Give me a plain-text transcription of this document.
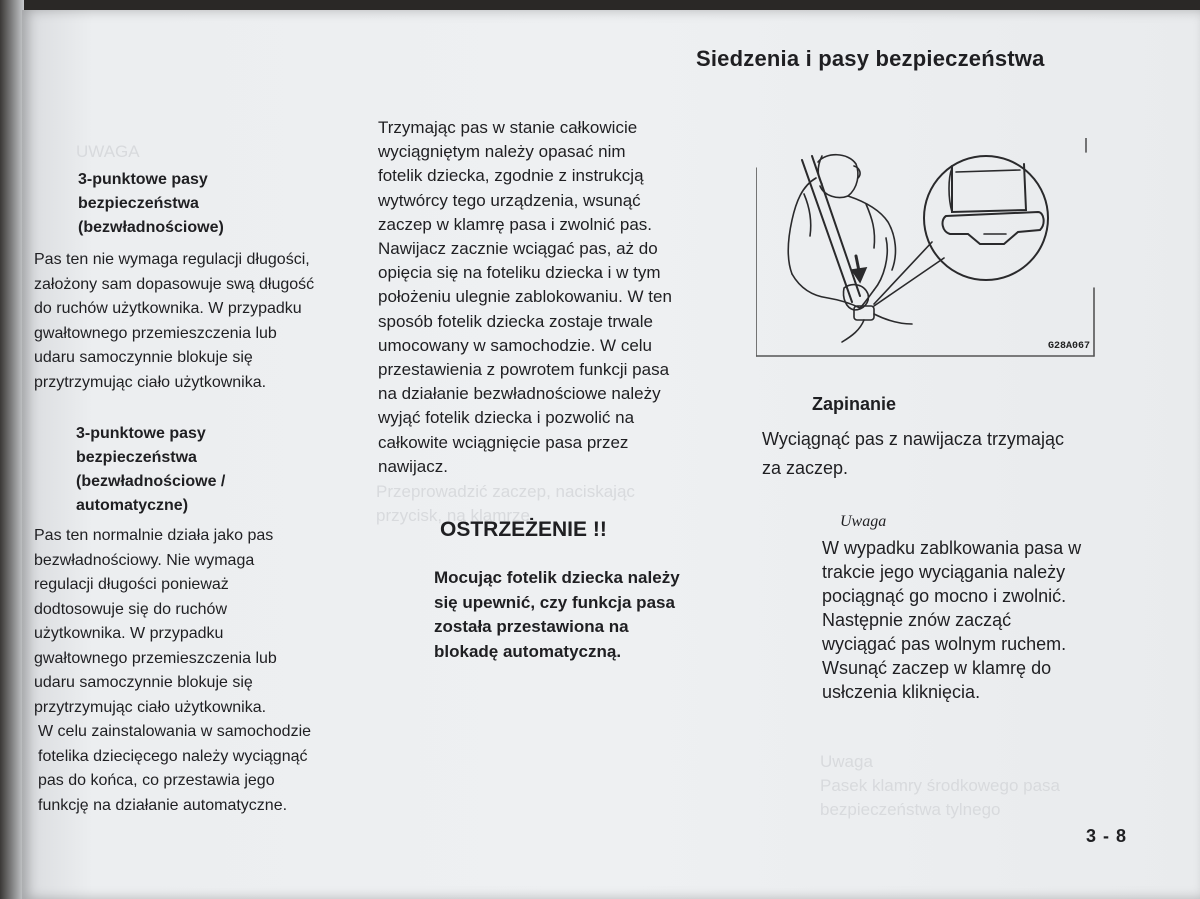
UWAGA
Przeprowadzić zaczep, naciskając przycisk, na klamrze
Uwaga
Pasek klamry środkowego pasa bezpieczeństwa tylnego
Siedzenia i pasy bezpieczeństwa
3-punktowe pasy
bezpieczeństwa
(bezwładnościowe)
Pas ten nie wymaga regulacji długości,
założony sam dopasowuje swą długość
do ruchów użytkownika. W przypadku
gwałtownego przemieszczenia lub
udaru samoczynnie blokuje się
przytrzymując ciało użytkownika.
3-punktowe pasy
bezpieczeństwa
(bezwładnościowe /
automatyczne)
Pas ten normalnie działa jako pas
bezwładnościowy. Nie wymaga
regulacji długości ponieważ
dodtosowuje się do ruchów
użytkownika. W przypadku
gwałtownego przemieszczenia lub
udaru samoczynnie blokuje się
przytrzymując ciało użytkownika.
W celu zainstalowania w samochodzie
fotelika dziecięcego należy wyciągnąć
pas do końca, co przestawia jego
funkcję na działanie automatyczne.
Trzymając pas w stanie całkowicie
wyciągniętym należy opasać nim
fotelik dziecka, zgodnie z instrukcją
wytwórcy tego urządzenia, wsunąć
zaczep w klamrę pasa i zwolnić pas.
Nawijacz zacznie wciągać pas, aż do
opięcia się na foteliku dziecka i w tym
położeniu ulegnie zablokowaniu. W ten
sposób fotelik dziecka zostaje trwale
umocowany w samochodzie. W celu
przestawienia z powrotem funkcji pasa
na działanie bezwładnościowe należy
wyjąć fotelik dziecka i pozwolić na
całkowite wciągnięcie pasa przez
nawijacz.
OSTRZEŻENIE !!
Mocując fotelik dziecka należy
się upewnić, czy funkcja pasa
została przestawiona na
blokadę automatyczną.
G28A067
Zapinanie
Wyciągnąć pas z nawijacza trzymając
za zaczep.
Uwaga
W wypadku zablkowania pasa w
trakcie jego wyciągania należy
pociągnąć go mocno i zwolnić.
Następnie znów zacząć
wyciągać pas wolnym ruchem.
Wsunąć zaczep w klamrę do
usłczenia kliknięcia.
3 - 8
